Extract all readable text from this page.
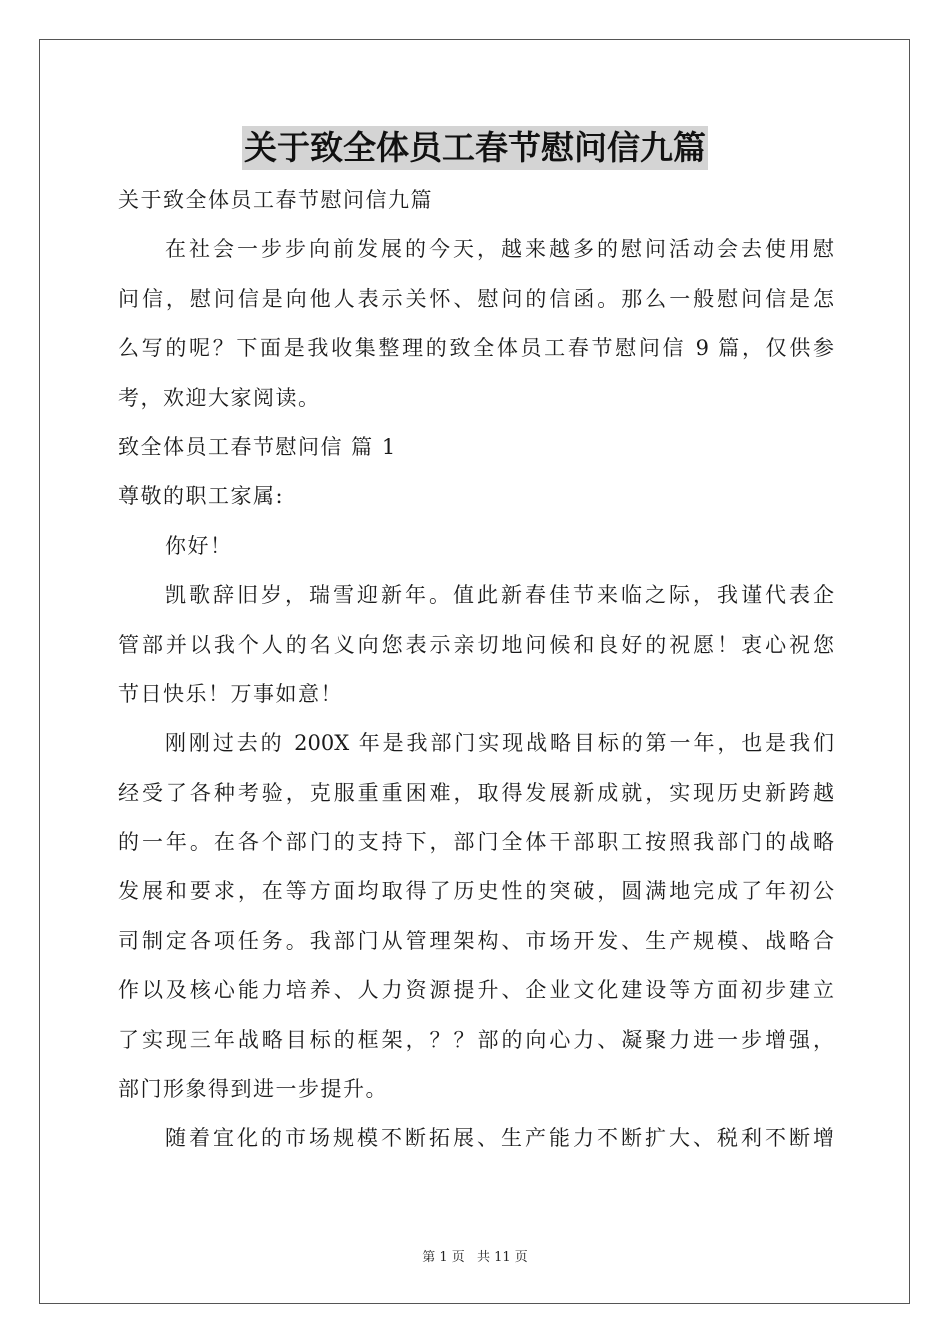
关于致全体员工春节慰问信九篇
关于致全体员工春节慰问信九篇
在社会一步步向前发展的今天，越来越多的慰问活动会去使用慰
问信，慰问信是向他人表示关怀、慰问的信函。那么一般慰问信是怎
么写的呢？下面是我收集整理的致全体员工春节慰问信 9 篇，仅供参
考，欢迎大家阅读。
致全体员工春节慰问信 篇 1
尊敬的职工家属:
你好！
凯歌辞旧岁，瑞雪迎新年。值此新春佳节来临之际，我谨代表企
管部并以我个人的名义向您表示亲切地问候和良好的祝愿！衷心祝您
节日快乐！万事如意！
刚刚过去的 200X 年是我部门实现战略目标的第一年，也是我们
经受了各种考验，克服重重困难，取得发展新成就，实现历史新跨越
的一年。在各个部门的支持下，部门全体干部职工按照我部门的战略
发展和要求，在等方面均取得了历史性的突破，圆满地完成了年初公
司制定各项任务。我部门从管理架构、市场开发、生产规模、战略合
作以及核心能力培养、人力资源提升、企业文化建设等方面初步建立
了实现三年战略目标的框架，？？部的向心力、凝聚力进一步增强，
部门形象得到进一步提升。
随着宜化的市场规模不断拓展、生产能力不断扩大、税利不断增
第 1 页 共 11 页
